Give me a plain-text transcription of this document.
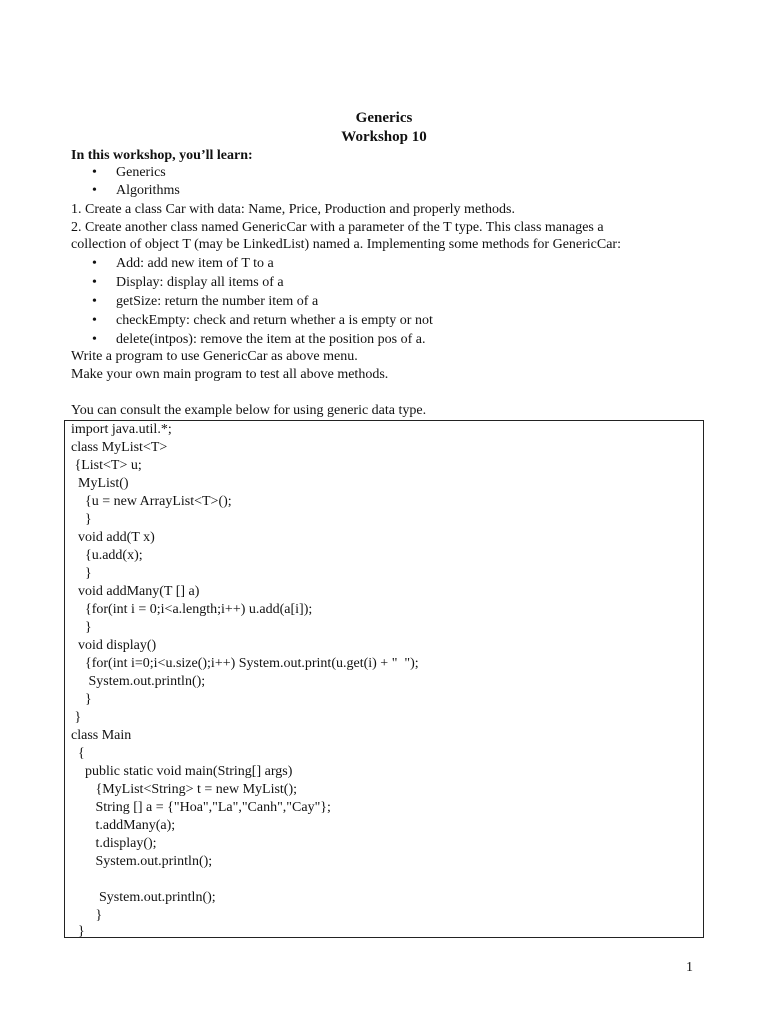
Generics
Workshop 10
In this workshop, you’ll learn:
• Generics
• Algorithms
1. Create a class Car with data: Name, Price, Production and properly methods.
2. Create another class named GenericCar with a parameter of the T type. This class manages a
collection of object T (may be LinkedList) named a. Implementing some methods for GenericCar:
• Add: add new item of T to a
• Display: display all items of a
• getSize: return the number item of a
• checkEmpty: check and return whether a is empty or not
• delete(intpos): remove the item at the position pos of a.
Write a program to use GenericCar as above menu.
Make your own main program to test all above methods.
You can consult the example below for using generic data type.
import java.util.*;
class MyList<T>
{List<T> u;
MyList()
{u = new ArrayList<T>();
}
void add(T x)
{u.add(x);
}
void addMany(T [] a)
{for(int i = 0;i<a.length;i++) u.add(a[i]);
}
void display()
{for(int i=0;i<u.size();i++) System.out.print(u.get(i) + "  ");
System.out.println();
}
}
class Main
{
public static void main(String[] args)
{MyList<String> t = new MyList();
String [] a = {"Hoa","La","Canh","Cay"};
t.addMany(a);
t.display();
System.out.println();
System.out.println();
}
}
1
